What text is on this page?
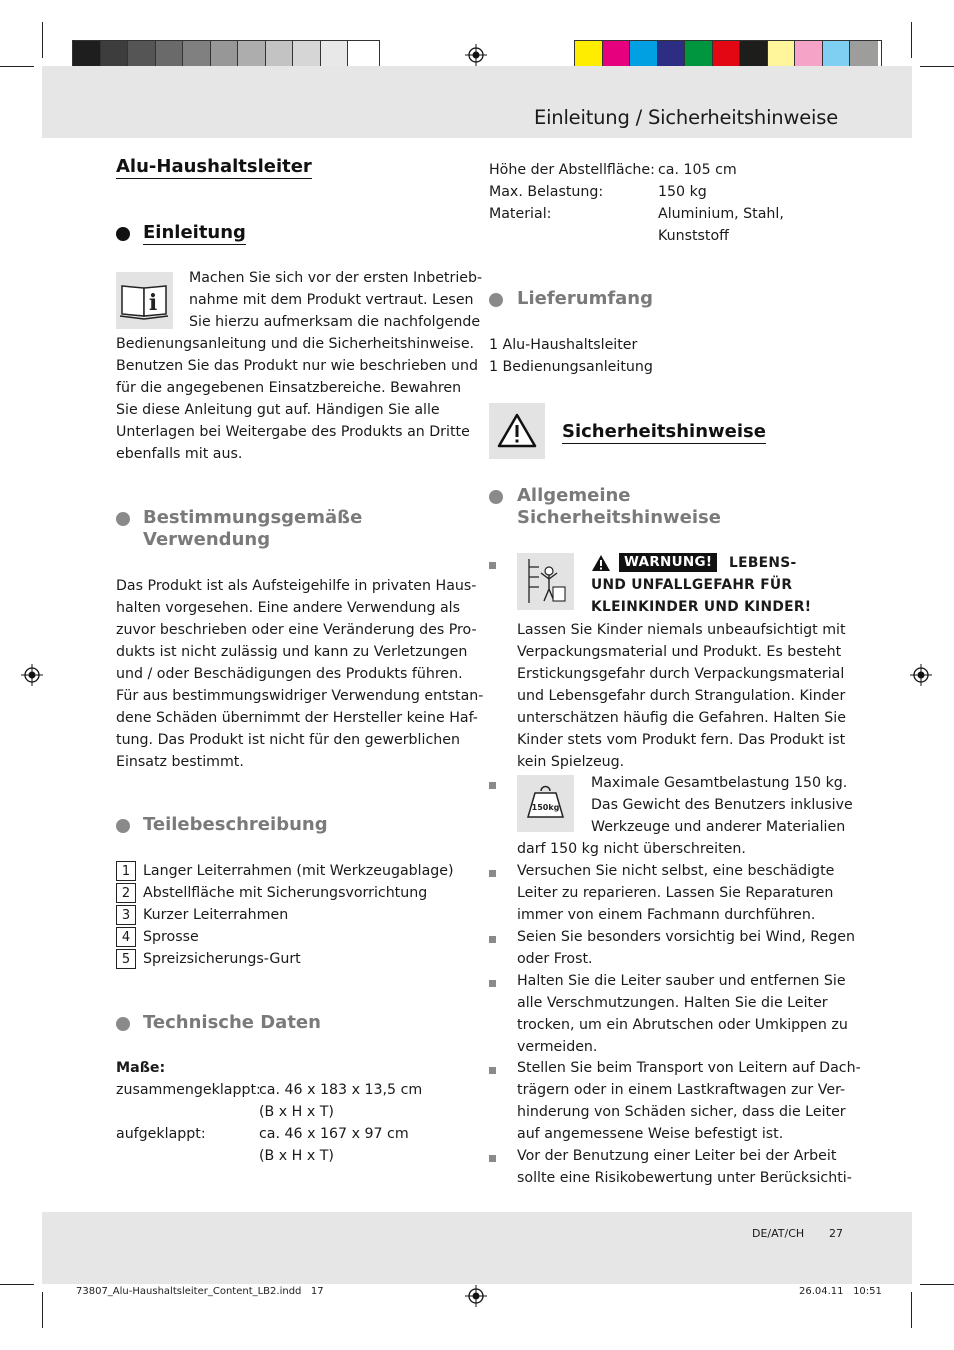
Einleitung / Sicherheitshinweise
Alu-Haushaltsleiter
Einleitung
i
Machen Sie sich vor der ersten Inbetrieb-
nahme mit dem Produkt vertraut. Lesen
Sie hierzu aufmerksam die nachfolgende
Bedienungsanleitung und die Sicherheitshinweise.
Benutzen Sie das Produkt nur wie beschrieben und
für die angegebenen Einsatzbereiche. Bewahren
Sie diese Anleitung gut auf. Händigen Sie alle
Unterlagen bei Weitergabe des Produkts an Dritte
ebenfalls mit aus.
Bestimmungsgemäße
Verwendung
Das Produkt ist als Aufsteigehilfe in privaten Haus-
halten vorgesehen. Eine andere Verwendung als
zuvor beschrieben oder eine Veränderung des Pro-
dukts ist nicht zulässig und kann zu Verletzungen
und / oder Beschädigungen des Produkts führen.
Für aus bestimmungswidriger Verwendung entstan-
dene Schäden übernimmt der Hersteller keine Haf-
tung. Das Produkt ist nicht für den gewerblichen
Einsatz bestimmt.
Teilebeschreibung
1 Langer Leiterrahmen (mit Werkzeugablage)
2 Abstellfläche mit Sicherungsvorrichtung
3 Kurzer Leiterrahmen
4 Sprosse
5 Spreizsicherungs-Gurt
Technische Daten
Maße:
zusammengeklappt:
ca. 46 x 183 x 13,5 cm
(B x H x T)
aufgeklappt:	ca. 46 x 167 x 97 cm
(B x H x T)
Höhe der Abstellfläche: ca. 105 cm
Max. Belastung:	150 kg
Material:	Aluminium, Stahl,
Kunststoff
Lieferumfang
1 Alu-Haushaltsleiter
1 Bedienungsanleitung
Sicherheitshinweise
Allgemeine
Sicherheitshinweise
WARNUNG!	LEBENS-
UND UNFALLGEFAHR FÜR
KLEINKINDER UND KINDER!
Lassen Sie Kinder niemals unbeaufsichtigt mit
Verpackungsmaterial und Produkt. Es besteht
Erstickungsgefahr durch Verpackungsmaterial
und Lebensgefahr durch Strangulation. Kinder
unterschätzen häufig die Gefahren. Halten Sie
Kinder stets vom Produkt fern. Das Produkt ist
kein Spielzeug.
150kg
Maximale Gesamtbelastung 150 kg.
Das Gewicht des Benutzers inklusive
Werkzeuge und anderer Materialien
darf 150 kg nicht überschreiten.
Versuchen Sie nicht selbst, eine beschädigte
Leiter zu reparieren. Lassen Sie Reparaturen
immer von einem Fachmann durchführen.
Seien Sie besonders vorsichtig bei Wind, Regen
oder Frost.
Halten Sie die Leiter sauber und entfernen Sie
alle Verschmutzungen. Halten Sie die Leiter
trocken, um ein Abrutschen oder Umkippen zu
vermeiden.
Stellen Sie beim Transport von Leitern auf Dach-
trägern oder in einem Lastkraftwagen zur Ver-
hinderung von Schäden sicher, dass die Leiter
auf angemessene Weise befestigt ist.
Vor der Benutzung einer Leiter bei der Arbeit
sollte eine Risikobewertung unter Berücksichti-
DE/AT/CH 27
73807_Alu-Haushaltsleiter_Content_LB2.indd   17	26.04.11   10:51
